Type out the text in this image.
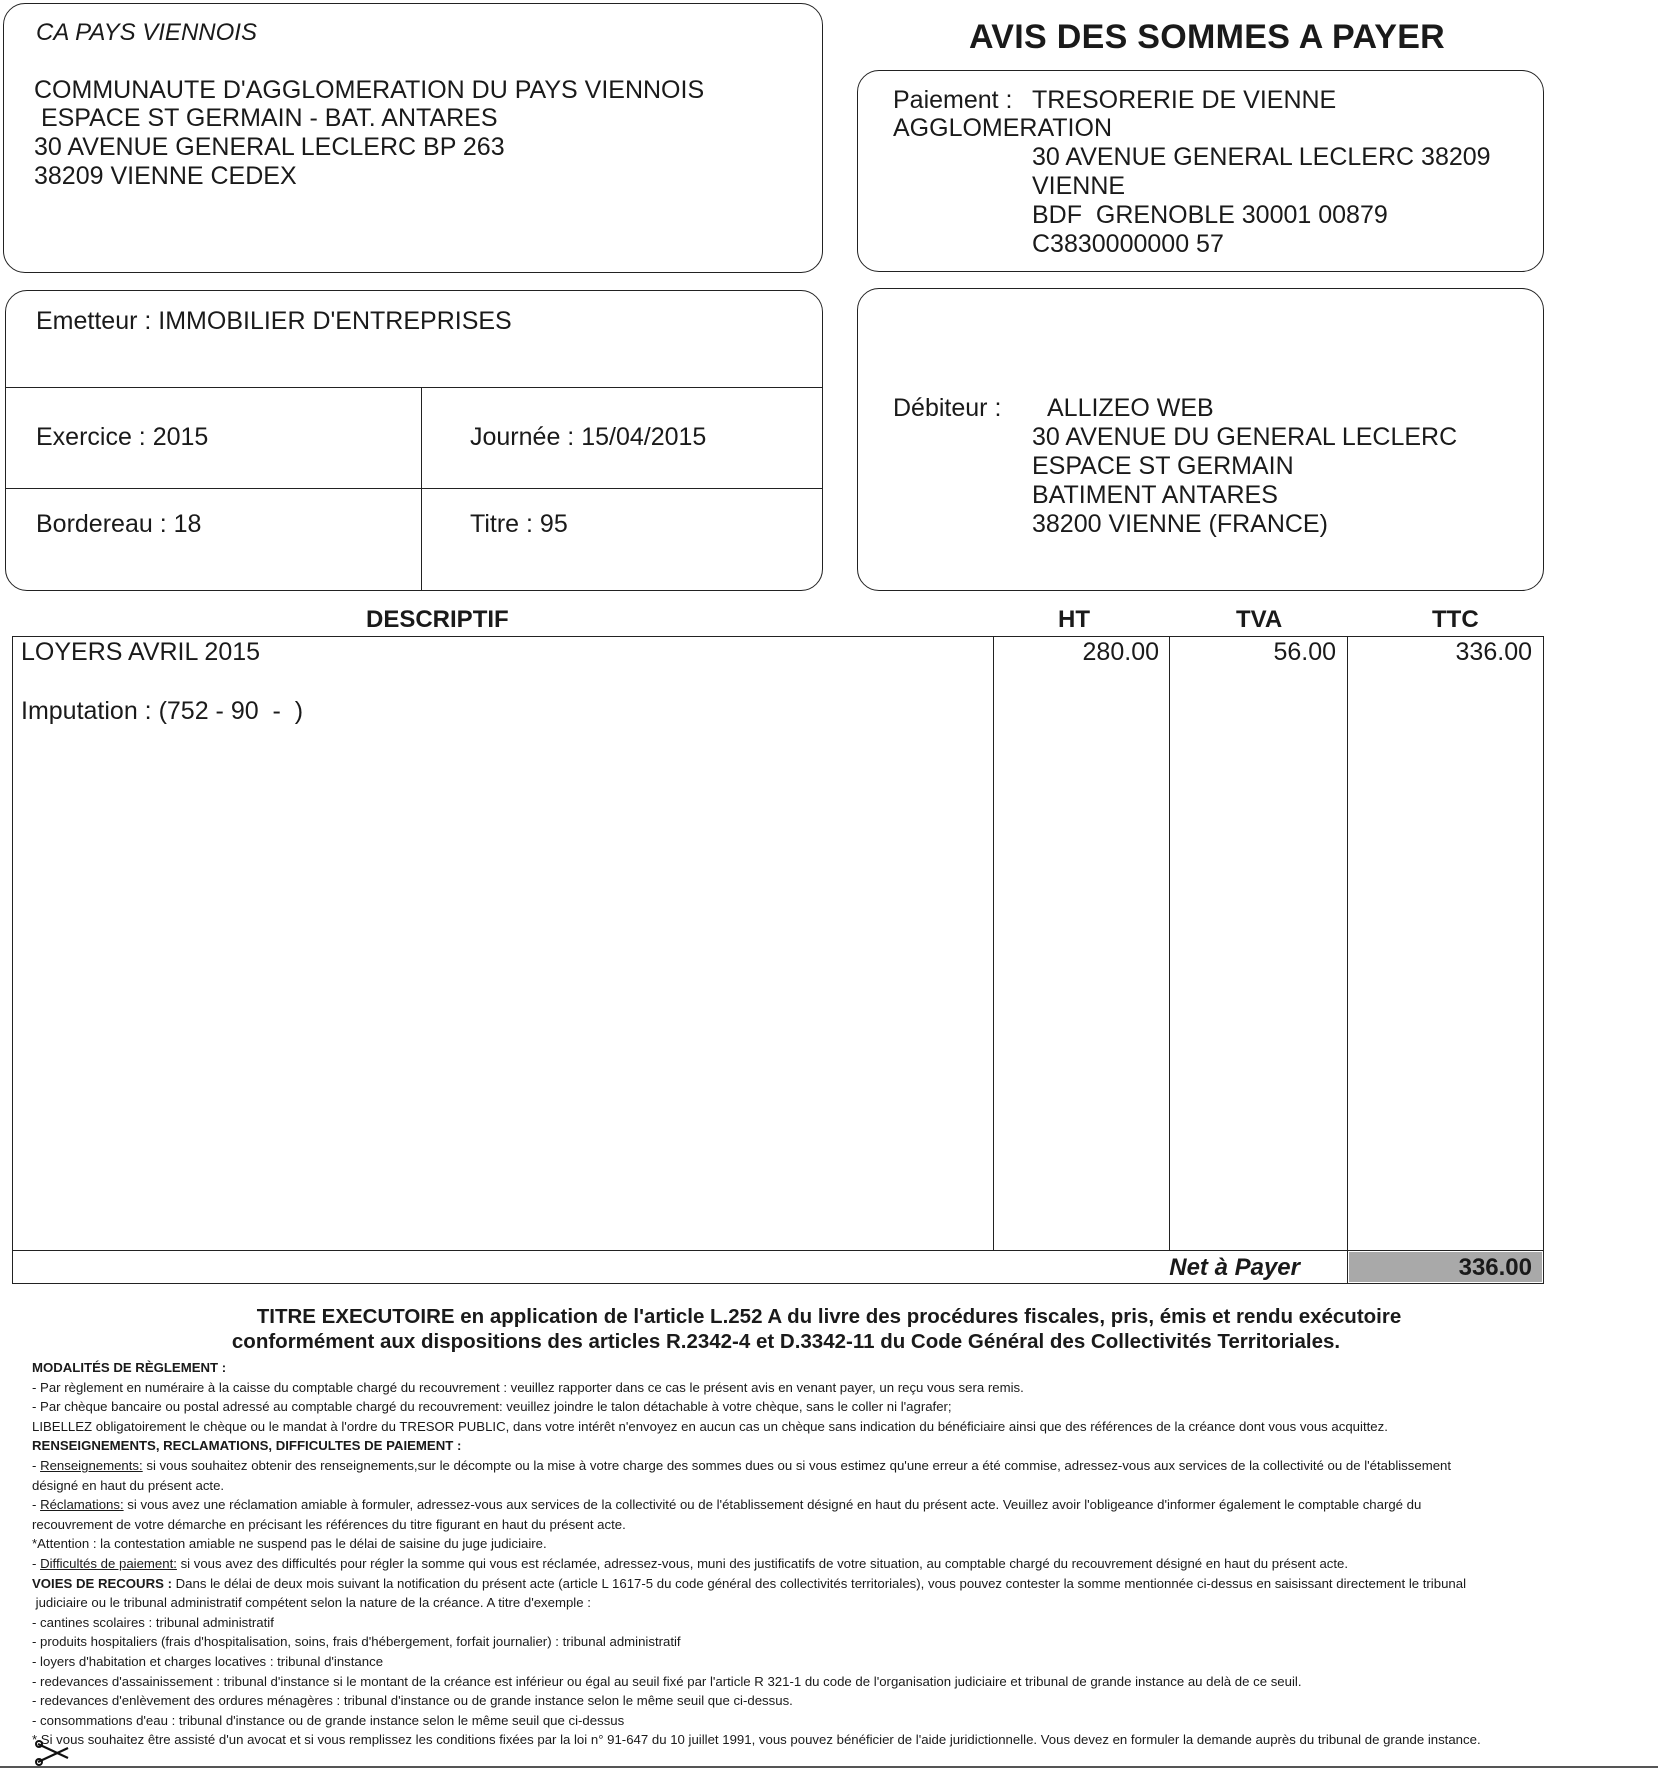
CA PAYS VIENNOIS
COMMUNAUTE D'AGGLOMERATION DU PAYS VIENNOIS
ESPACE ST GERMAIN - BAT. ANTARES
30 AVENUE GENERAL LECLERC BP 263
38209 VIENNE CEDEX
AVIS DES SOMMES A PAYER
Paiement : TRESORERIE DE VIENNE
AGGLOMERATION
30 AVENUE GENERAL LECLERC 38209
VIENNE
BDF  GRENOBLE 30001 00879
C3830000000 57
Emetteur : IMMOBILIER D'ENTREPRISES
Exercice : 2015	Journée : 15/04/2015
Bordereau : 18	Titre : 95
Débiteur : ALLIZEO WEB
30 AVENUE DU GENERAL LECLERC
ESPACE ST GERMAIN
BATIMENT ANTARES
38200 VIENNE (FRANCE)
DESCRIPTIF	HT	TVA	TTC
LOYERS AVRIL 2015	280.00	56.00	336.00
Imputation : (752 - 90  -  )
Net à Payer	336.00
TITRE EXECUTOIRE en application de l'article L.252 A du livre des procédures fiscales, pris, émis et rendu exécutoire
conformément aux dispositions des articles R.2342-4 et D.3342-11 du Code Général des Collectivités Territoriales.
MODALITÉS DE RÈGLEMENT :
- Par règlement en numéraire à la caisse du comptable chargé du recouvrement : veuillez rapporter dans ce cas le présent avis en venant payer, un reçu vous sera remis.
- Par chèque bancaire ou postal adressé au comptable chargé du recouvrement: veuillez joindre le talon détachable à votre chèque, sans le coller ni l'agrafer;
LIBELLEZ obligatoirement le chèque ou le mandat à l'ordre du TRESOR PUBLIC, dans votre intérêt n'envoyez en aucun cas un chèque sans indication du bénéficiaire ainsi que des références de la créance dont vous vous acquittez.
RENSEIGNEMENTS, RECLAMATIONS, DIFFICULTES DE PAIEMENT :
- Renseignements: si vous souhaitez obtenir des renseignements,sur le décompte ou la mise à votre charge des sommes dues ou si vous estimez qu'une erreur a été commise, adressez-vous aux services de la collectivité ou de l'établissement
désigné en haut du présent acte.
- Réclamations: si vous avez une réclamation amiable à formuler, adressez-vous aux services de la collectivité ou de l'établissement désigné en haut du présent acte. Veuillez avoir l'obligeance d'informer également le comptable chargé du
recouvrement de votre démarche en précisant les références du titre figurant en haut du présent acte.
*Attention : la contestation amiable ne suspend pas le délai de saisine du juge judiciaire.
- Difficultés de paiement: si vous avez des difficultés pour régler la somme qui vous est réclamée, adressez-vous, muni des justificatifs de votre situation, au comptable chargé du recouvrement désigné en haut du présent acte.
VOIES DE RECOURS : Dans le délai de deux mois suivant la notification du présent acte (article L 1617-5 du code général des collectivités territoriales), vous pouvez contester la somme mentionnée ci-dessus en saisissant directement le tribunal
judiciaire ou le tribunal administratif compétent selon la nature de la créance. A titre d'exemple :
- cantines scolaires : tribunal administratif
- produits hospitaliers (frais d'hospitalisation, soins, frais d'hébergement, forfait journalier) : tribunal administratif
- loyers d'habitation et charges locatives : tribunal d'instance
- redevances d'assainissement : tribunal d'instance si le montant de la créance est inférieur ou égal au seuil fixé par l'article R 321-1 du code de l'organisation judiciaire et tribunal de grande instance au delà de ce seuil.
- redevances d'enlèvement des ordures ménagères : tribunal d'instance ou de grande instance selon le même seuil que ci-dessus.
- consommations d'eau : tribunal d'instance ou de grande instance selon le même seuil que ci-dessus
* Si vous souhaitez être assisté d'un avocat et si vous remplissez les conditions fixées par la loi n° 91-647 du 10 juillet 1991, vous pouvez bénéficier de l'aide juridictionnelle. Vous devez en formuler la demande auprès du tribunal de grande instance.
